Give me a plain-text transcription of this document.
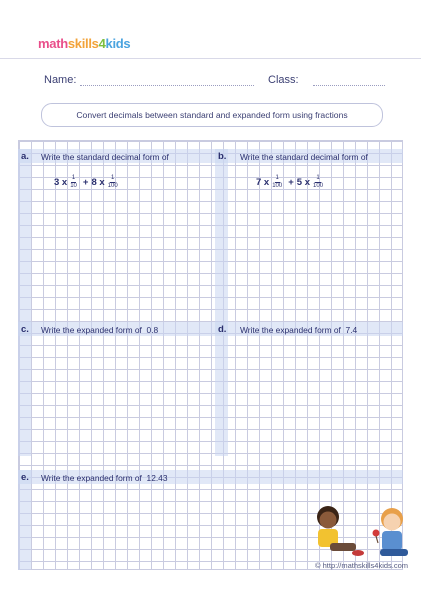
mathskills4kids
Name:	Class:
Convert decimals between standard and expanded form using fractions
a. Write the standard decimal form of
3 x $\frac{1}{10} + 8$ x $\frac{1}{100}$
b. Write the standard decimal form of
7 x $\frac{1}{100} + 5$ x $\frac{1}{100}$
c. Write the expanded form of 0.8	d. Write the expanded form of 7.4
e. Write the expanded form of 12.43
© http://mathskills4kids.com
